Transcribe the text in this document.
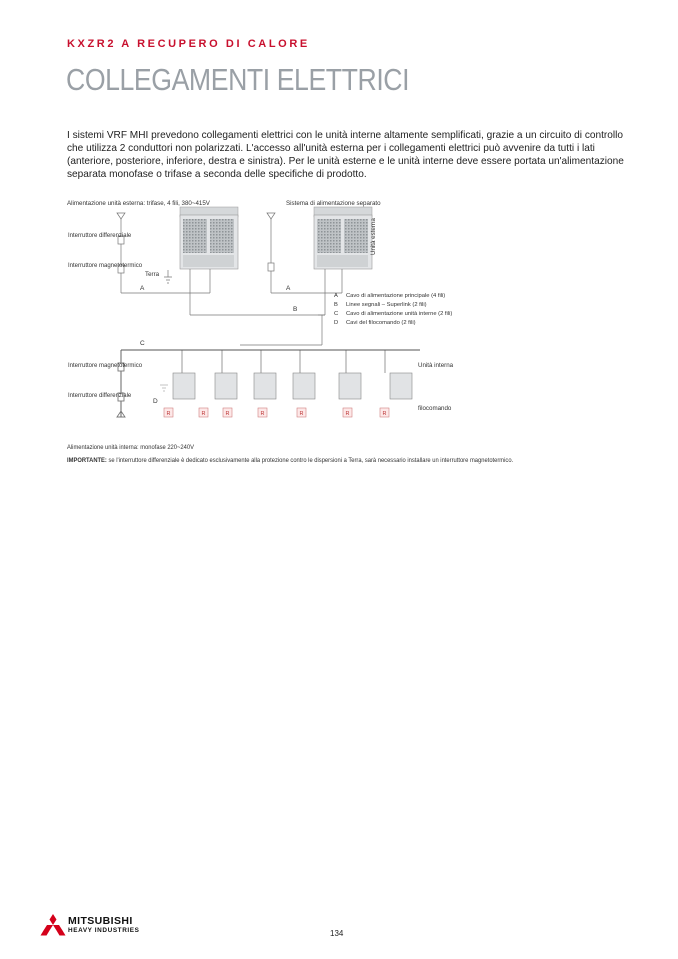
KXZR2 A RECUPERO DI CALORE
COLLEGAMENTI ELETTRICI

I sistemi VRF MHI prevedono collegamenti elettrici con le unità interne altamente semplificati, grazie a un circuito di controllo che utilizza 2 conduttori non polarizzati. L'accesso all'unità esterna per i collegamenti elettrici può avvenire da tutti i lati (anteriore, posteriore, inferiore, destra e sinistra). Per le unità esterne e le unità interne deve essere portata un'alimentazione separata monofase o trifase a seconda delle specifiche di prodotto.

Alimentazione unità esterna: trifase, 4 fili, 380~415V	Sistema di alimentazione separato
Unità esterna
Interruttore differenziale
Interruttore magnetotermico
Terra
A	A
B
C
D
A Cavo di alimentazione principale (4 fili)
B Linee segnali – Superlink (2 fili)
C Cavo di alimentazione unità interne (2 fili)
D Cavi del filocomando (2 fili)
Interruttore magnetotermico
Interruttore differenziale
Unità interna
filocomando
R	R	R	R	R	R	R
Alimentazione unità interna: monofase 220~240V
IMPORTANTE: se l'interruttore differenziale è dedicato esclusivamente alla protezione contro le dispersioni a Terra, sarà necessario installare un interruttore magnetotermico.
MITSUBISHI
HEAVY INDUSTRIES	134
